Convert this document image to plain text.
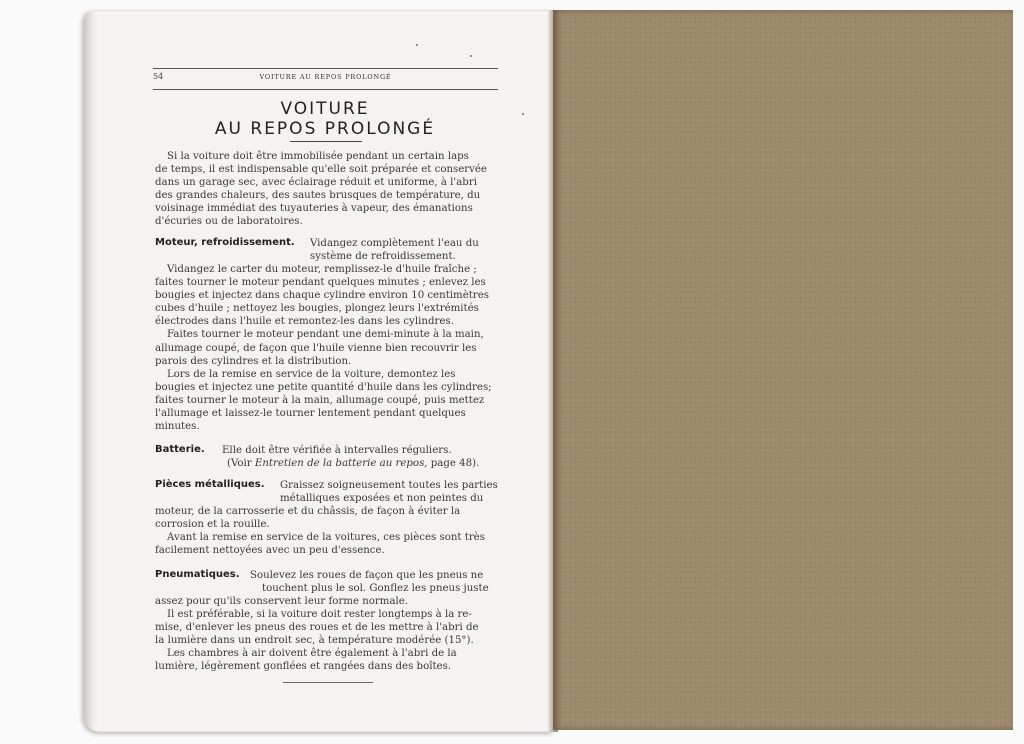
54	VOITURE AU REPOS PROLONGÉ
VOITURE
AU REPOS PROLONGÉ
Si la voiture doit être immobilisée pendant un certain laps
de temps, il est indispensable qu'elle soit préparée et conservée
dans un garage sec, avec éclairage réduit et uniforme, à l'abri
des grandes chaleurs, des sautes brusques de température, du
voisinage immédiat des tuyauteries à vapeur, des émanations
d'écuries ou de laboratoires.
Moteur, refroidissement. Vidangez complètement l'eau du
système de refroidissement.
Vidangez le carter du moteur, remplissez-le d'huile fraîche ;
faites tourner le moteur pendant quelques minutes ; enlevez les
bougies et injectez dans chaque cylindre environ 10 centimètres
cubes d'huile ; nettoyez les bougies, plongez leurs l'extrémités
électrodes dans l'huile et remontez-les dans les cylindres.
Faites tourner le moteur pendant une demi-minute à la main,
allumage coupé, de façon que l'huile vienne bien recouvrir les
parois des cylindres et la distribution.
Lors de la remise en service de la voiture, demontez les
bougies et injectez une petite quantité d'huile dans les cylindres;
faites tourner le moteur à la main, allumage coupé, puis mettez
l'allumage et laissez-le tourner lentement pendant quelques
minutes.
Batterie. Elle doit être vérifiée à intervalles réguliers.
(Voir Entretien de la batterie au repos, page 48).
Pièces métalliques. Graissez soigneusement toutes les parties
métalliques exposées et non peintes du
moteur, de la carrosserie et du châssis, de façon à éviter la
corrosion et la rouille.
Avant la remise en service de la voitures, ces pièces sont très
facilement nettoyées avec un peu d'essence.
Pneumatiques. Soulevez les roues de façon que les pneus ne
touchent plus le sol. Gonflez les pneus juste
assez pour qu'ils conservent leur forme normale.
Il est préférable, si la voiture doit rester longtemps à la re-
mise, d'enlever les pneus des roues et de les mettre à l'abri de
la lumière dans un endroit sec, à température modérée (15°).
Les chambres à air doivent être également à l'abri de la
lumière, légèrement gonflées et rangées dans des boîtes.
